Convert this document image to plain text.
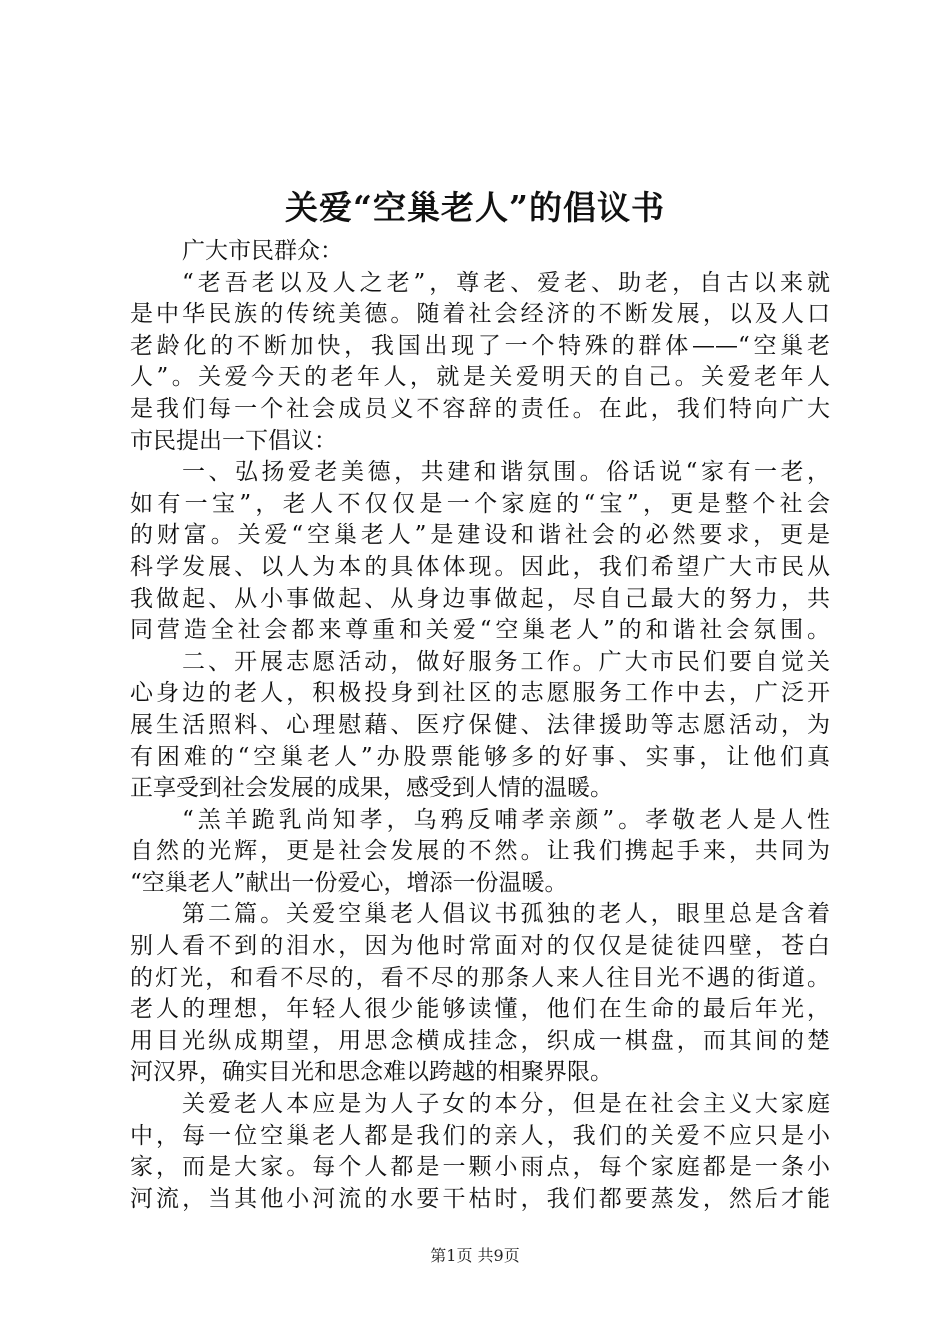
关爱“空巢老人”的倡议书
广大市民群众：
“老吾老以及人之老”，尊老、爱老、助老，自古以来就
是中华民族的传统美德。随着社会经济的不断发展，以及人口
老龄化的不断加快，我国出现了一个特殊的群体——“空巢老
人”。关爱今天的老年人，就是关爱明天的自己。关爱老年人
是我们每一个社会成员义不容辞的责任。在此，我们特向广大
市民提出一下倡议：
一、弘扬爱老美德，共建和谐氛围。俗话说“家有一老，
如有一宝”，老人不仅仅是一个家庭的“宝”，更是整个社会
的财富。关爱“空巢老人”是建设和谐社会的必然要求，更是
科学发展、以人为本的具体体现。因此，我们希望广大市民从
我做起、从小事做起、从身边事做起，尽自己最大的努力，共
同营造全社会都来尊重和关爱“空巢老人”的和谐社会氛围。
二、开展志愿活动，做好服务工作。广大市民们要自觉关
心身边的老人，积极投身到社区的志愿服务工作中去，广泛开
展生活照料、心理慰藉、医疗保健、法律援助等志愿活动，为
有困难的“空巢老人”办股票能够多的好事、实事，让他们真
正享受到社会发展的成果，感受到人情的温暖。
“羔羊跪乳尚知孝，乌鸦反哺孝亲颜”。孝敬老人是人性
自然的光辉，更是社会发展的不然。让我们携起手来，共同为
“空巢老人”献出一份爱心，增添一份温暖。
第二篇。关爱空巢老人倡议书孤独的老人，眼里总是含着
别人看不到的泪水，因为他时常面对的仅仅是徒徒四壁，苍白
的灯光，和看不尽的，看不尽的那条人来人往目光不遇的街道。
老人的理想，年轻人很少能够读懂，他们在生命的最后年光，
用目光纵成期望，用思念横成挂念，织成一棋盘，而其间的楚
河汉界，确实目光和思念难以跨越的相聚界限。
关爱老人本应是为人子女的本分，但是在社会主义大家庭
中，每一位空巢老人都是我们的亲人，我们的关爱不应只是小
家，而是大家。每个人都是一颗小雨点，每个家庭都是一条小
河流，当其他小河流的水要干枯时，我们都要蒸发，然后才能
第1页 共9页
